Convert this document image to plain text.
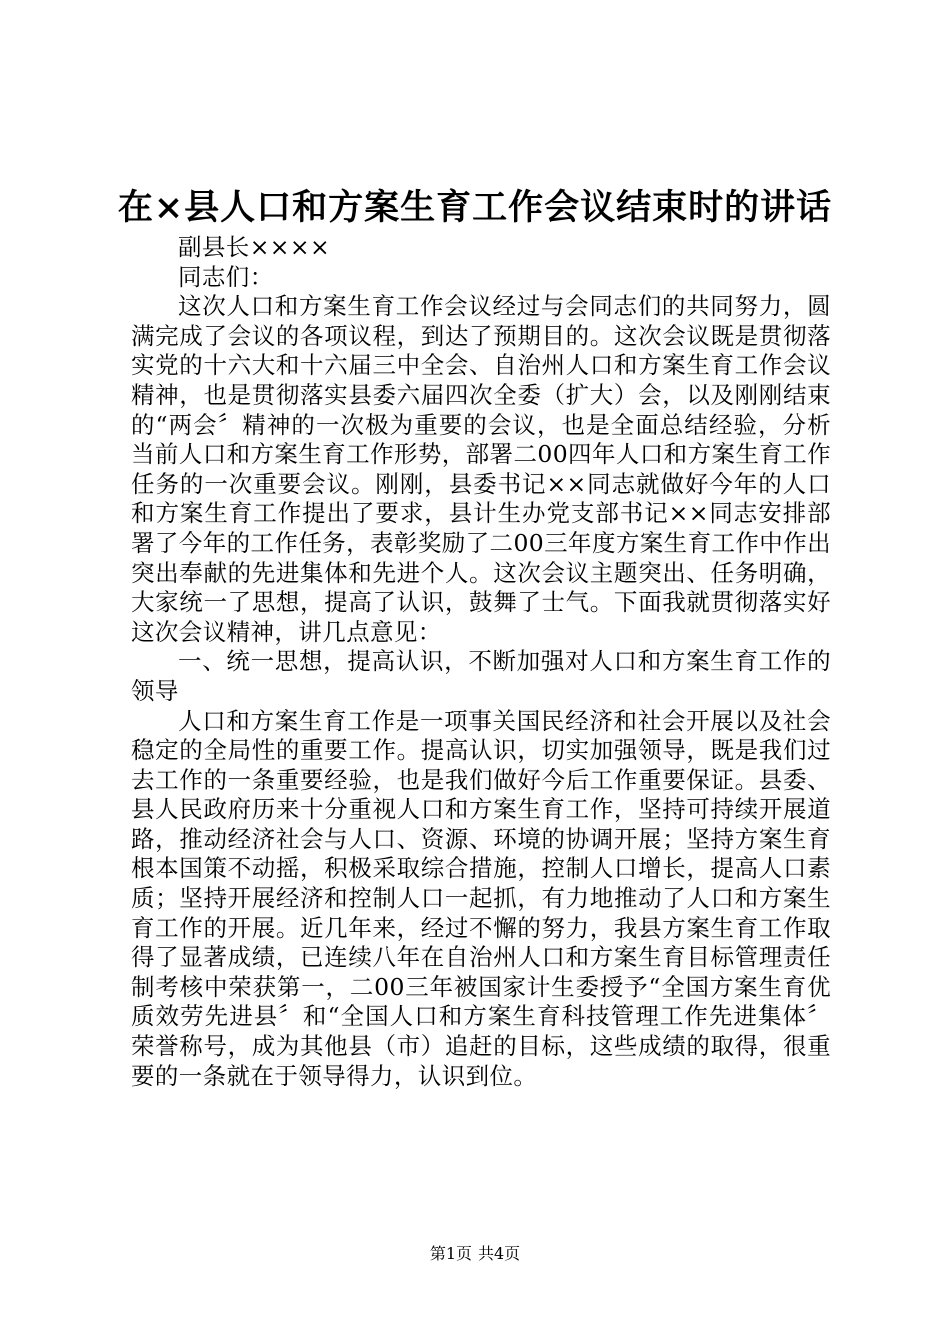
在×县人口和方案生育工作会议结束时的讲话

副县长××××

同志们：

这次人口和方案生育工作会议经过与会同志们的共同努力，圆满完成了会议的各项议程，到达了预期目的。这次会议既是贯彻落实党的十六大和十六届三中全会、自治州人口和方案生育工作会议精神，也是贯彻落实县委六届四次全委（扩大）会，以及刚刚结束的“两会〞精神的一次极为重要的会议，也是全面总结经验，分析当前人口和方案生育工作形势，部署二00四年人口和方案生育工作任务的一次重要会议。刚刚，县委书记××同志就做好今年的人口和方案生育工作提出了要求，县计生办党支部书记××同志安排部署了今年的工作任务，表彰奖励了二00三年度方案生育工作中作出突出奉献的先进集体和先进个人。这次会议主题突出、任务明确，大家统一了思想，提高了认识，鼓舞了士气。下面我就贯彻落实好这次会议精神，讲几点意见：

一、统一思想，提高认识，不断加强对人口和方案生育工作的领导

人口和方案生育工作是一项事关国民经济和社会开展以及社会稳定的全局性的重要工作。提高认识，切实加强领导，既是我们过去工作的一条重要经验，也是我们做好今后工作重要保证。县委、县人民政府历来十分重视人口和方案生育工作，坚持可持续开展道路，推动经济社会与人口、资源、环境的协调开展；坚持方案生育根本国策不动摇，积极采取综合措施，控制人口增长，提高人口素质；坚持开展经济和控制人口一起抓，有力地推动了人口和方案生育工作的开展。近几年来，经过不懈的努力，我县方案生育工作取得了显著成绩，已连续八年在自治州人口和方案生育目标管理责任制考核中荣获第一，二00三年被国家计生委授予“全国方案生育优质效劳先进县〞和“全国人口和方案生育科技管理工作先进集体〞荣誉称号，成为其他县（市）追赶的目标，这些成绩的取得，很重要的一条就在于领导得力，认识到位。

第1页 共4页
